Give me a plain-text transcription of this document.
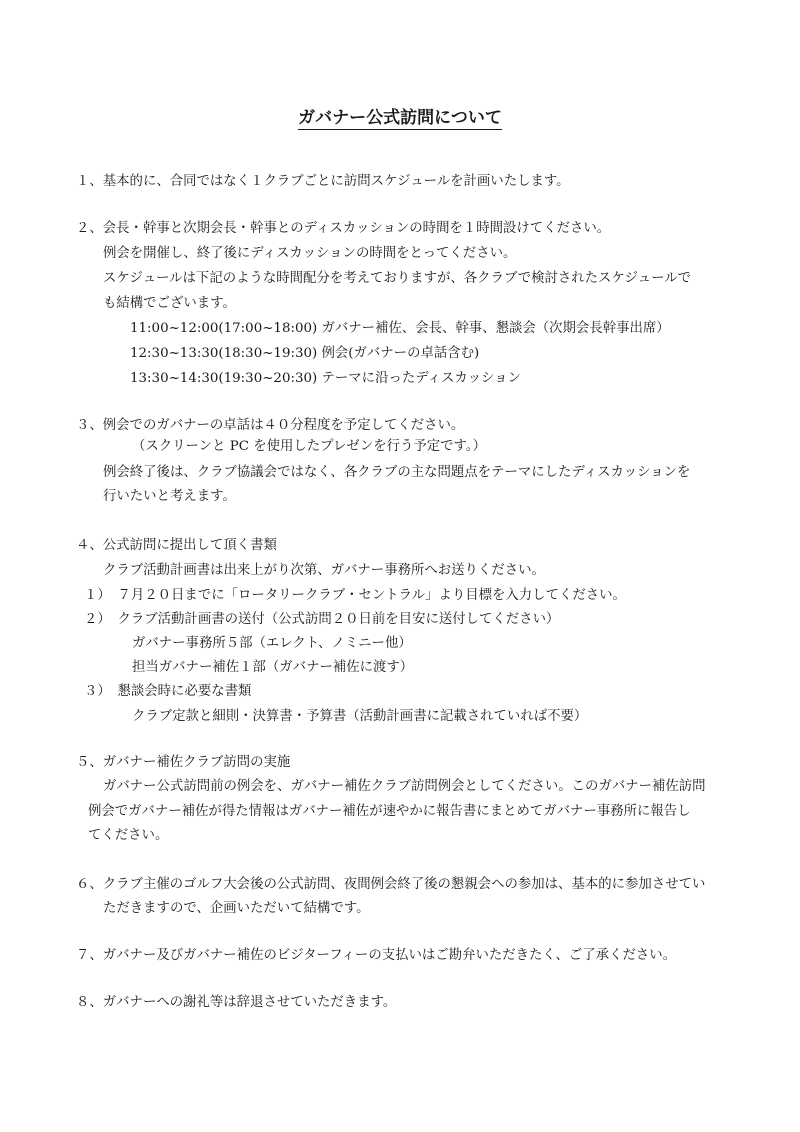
ガバナー公式訪問について
１、基本的に、合同ではなく１クラブごとに訪問スケジュールを計画いたします。
２、会長・幹事と次期会長・幹事とのディスカッションの時間を１時間設けてください。
例会を開催し、終了後にディスカッションの時間をとってください。
スケジュールは下記のような時間配分を考えておりますが、各クラブで検討されたスケジュールで
も結構でございます。
11:00~12:00(17:00~18:00) ガバナー補佐、会長、幹事、懇談会（次期会長幹事出席）
12:30~13:30(18:30~19:30) 例会(ガバナーの卓話含む)
13:30~14:30(19:30~20:30) テーマに沿ったディスカッション
３、例会でのガバナーの卓話は４０分程度を予定してください。
（スクリーンと PC を使用したプレゼンを行う予定です。）
例会終了後は、クラブ協議会ではなく、各クラブの主な問題点をテーマにしたディスカッションを
行いたいと考えます。
４、公式訪問に提出して頂く書類
クラブ活動計画書は出来上がり次第、ガバナー事務所へお送りください。
１）　７月２０日までに「ロータリークラブ・セントラル」より目標を入力してください。
２）　クラブ活動計画書の送付（公式訪問２０日前を目安に送付してください）
ガバナー事務所５部（エレクト、ノミニー他）
担当ガバナー補佐１部（ガバナー補佐に渡す）
３）　懇談会時に必要な書類
クラブ定款と細則・決算書・予算書（活動計画書に記載されていれば不要）
５、ガバナー補佐クラブ訪問の実施
ガバナー公式訪問前の例会を、ガバナー補佐クラブ訪問例会としてください。このガバナー補佐訪問
例会でガバナー補佐が得た情報はガバナー補佐が速やかに報告書にまとめてガバナー事務所に報告し
てください。
６、クラブ主催のゴルフ大会後の公式訪問、夜間例会終了後の懇親会への参加は、基本的に参加させてい
ただきますので、企画いただいて結構です。
７、ガバナー及びガバナー補佐のビジターフィーの支払いはご勘弁いただきたく、ご了承ください。
８、ガバナーへの謝礼等は辞退させていただきます。
